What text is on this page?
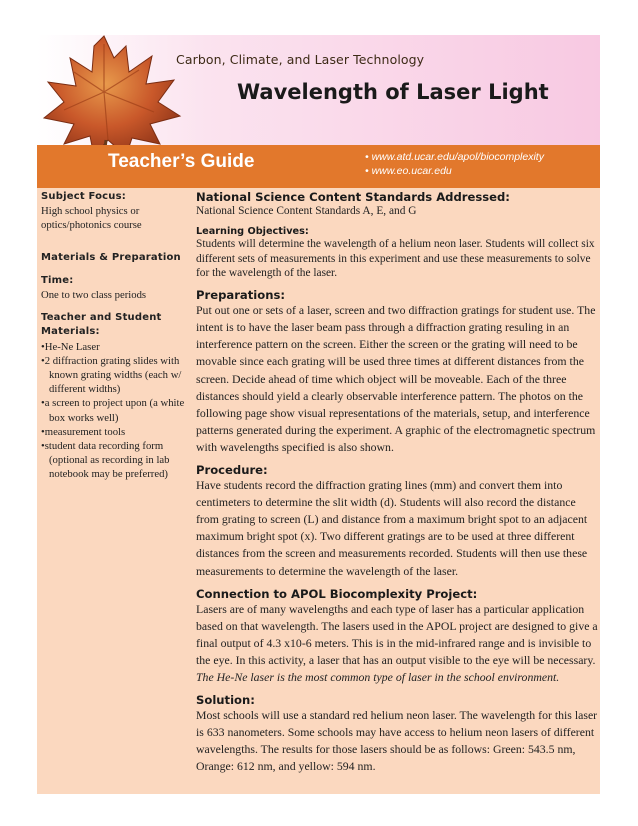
Carbon, Climate, and Laser Technology
Wavelength of Laser Light
Teacher’s Guide	• www.atd.ucar.edu/apol/biocomplexity
• www.eo.ucar.edu
Subject Focus:
High school physics or optics/photonics course
Materials & Preparation
Time:
One to two class periods
Teacher and Student Materials:
• He-Ne Laser
• 2 diffraction grating slides with known grating widths (each w/ different widths)
• a screen to project upon (a white box works well)
• measurement tools
• student data recording form (optional as recording in lab notebook may be preferred)
National Science Content Standards Addressed:
National Science Content Standards A, E, and G
Learning Objectives:
Students will determine the wavelength of a helium neon laser. Students will collect six different sets of measurements in this experiment and use these measurements to solve for the wavelength of the laser.
Preparations:
Put out one or sets of a laser, screen and two diffraction gratings for student use. The intent is to have the laser beam pass through a diffraction grating resuling in an interference pattern on the screen. Either the screen or the grating will need to be movable since each grating will be used three times at different distances from the screen. Decide ahead of time which object will be moveable. Each of the three distances should yield a clearly observable interference pattern. The photos on the following page show visual representations of the materials, setup, and interference patterns generated during the experiment. A graphic of the electromagnetic spectrum with wavelengths specified is also shown.
Procedure:
Have students record the diffraction grating lines (mm) and convert them into centimeters to determine the slit width (d). Students will also record the distance from grating to screen (L) and distance from a maximum bright spot to an adjacent maximum bright spot (x). Two different gratings are to be used at three different distances from the screen and measurements recorded. Students will then use these measurements to determine the wavelength of the laser.
Connection to APOL Biocomplexity Project:
Lasers are of many wavelengths and each type of laser has a particular application based on that wavelength. The lasers used in the APOL project are designed to give a final output of 4.3 x10-6 meters. This is in the mid-infrared range and is invisible to the eye. In this activity, a laser that has an output visible to the eye will be necessary. The He-Ne laser is the most common type of laser in the school environment.
Solution:
Most schools will use a standard red helium neon laser. The wavelength for this laser is 633 nanometers. Some schools may have access to helium neon lasers of different wavelengths. The results for those lasers should be as follows: Green: 543.5 nm, Orange: 612 nm, and yellow: 594 nm.
